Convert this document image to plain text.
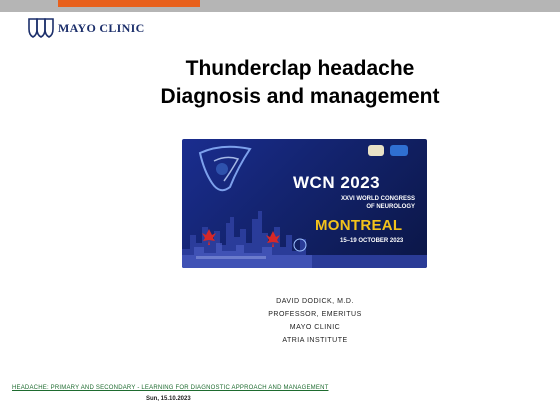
MAYO CLINIC
Thunderclap headache
Diagnosis and management
WCN 2023
XXVI WORLD CONGRESS
OF NEUROLOGY
MONTREAL
15–19 OCTOBER 2023
DAVID DODICK, M.D.
PROFESSOR, EMERITUS
MAYO CLINIC
ATRIA INSTITUTE
HEADACHE: PRIMARY AND SECONDARY - LEARNING FOR DIAGNOSTIC APPROACH AND MANAGEMENT
Sun, 15.10.2023
